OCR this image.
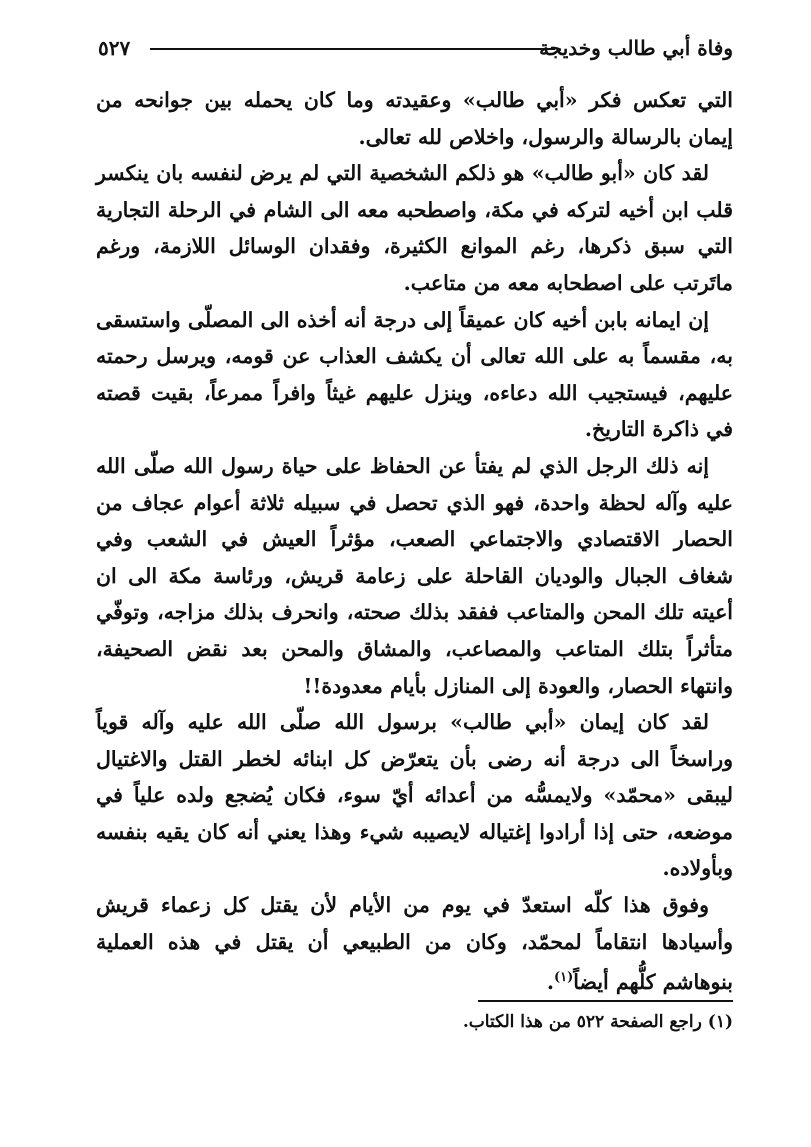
وفاة أبي طالب وخديجة
٥٢٧

التي تعكس فكر «أبي طالب» وعقيدته وما كان يحمله بين جوانحه من إيمان بالرسالة والرسول، واخلاص لله تعالى.

لقد كان «أبو طالب» هو ذلكم الشخصية التي لم يرض لنفسه بان ينكسر قلب ابن أخيه لتركه في مكة، واصطحبه معه الى الشام في الرحلة التجارية التي سبق ذكرها، رغم الموانع الكثيرة، وفقدان الوسائل اللازمة، ورغم ماتَرتب على اصطحابه معه من متاعب.

إن ايمانه بابن أخيه كان عميقاً إلى درجة أنه أخذه الى المصلّى واستسقى به، مقسماً به على الله تعالى أن يكشف العذاب عن قومه، ويرسل رحمته عليهم، فيستجيب الله دعاءه، وينزل عليهم غيثاً وافراً ممرعاً، بقيت قصته في ذاكرة التاريخ.

إنه ذلك الرجل الذي لم يفتأ عن الحفاظ على حياة رسول الله صلّى الله عليه وآله لحظة واحدة، فهو الذي تحصل في سبيله ثلاثة أعوام عجاف من الحصار الاقتصادي والاجتماعي الصعب، مؤثراً العيش في الشعب وفي شغاف الجبال والوديان القاحلة على زعامة قريش، ورئاسة مكة الى ان أعيته تلك المحن والمتاعب ففقد بذلك صحته، وانحرف بذلك مزاجه، وتوفّي متأثراً بتلك المتاعب والمصاعب، والمشاق والمحن بعد نقض الصحيفة، وانتهاء الحصار، والعودة إلى المنازل بأيام معدودة!!

لقد كان إيمان «أبي طالب» برسول الله صلّى الله عليه وآله قوياً وراسخاً الى درجة أنه رضى بأن يتعرّض كل ابنائه لخطر القتل والاغتيال ليبقى «محمّد» ولايمسُّه من أعدائه أيّ سوء، فكان يُضجع ولده علياً في موضعه، حتى إذا أرادوا إغتياله لايصيبه شيء وهذا يعني أنه كان يقيه بنفسه وبأولاده.

وفوق هذا كلّه استعدّ في يوم من الأيام لأن يقتل كل زعماء قريش وأسيادها انتقاماً لمحمّد، وكان من الطبيعي أن يقتل في هذه العملية بنوهاشم كلُّهم أيضاً$^{(١)}$.

(١) راجع الصفحة ٥٢٢ من هذا الكتاب.
